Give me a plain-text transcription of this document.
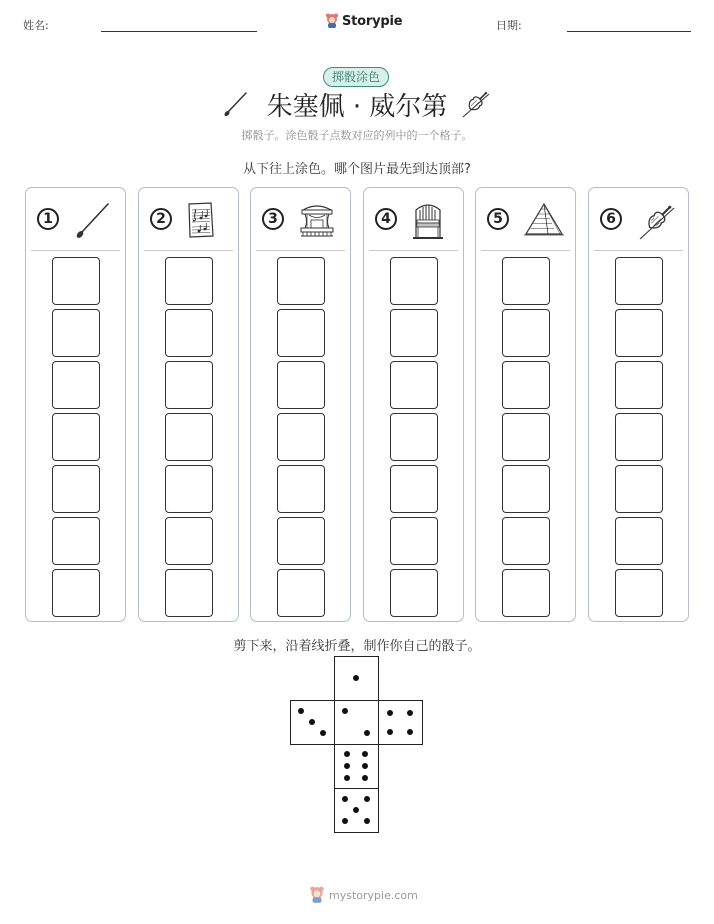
姓名:	Storypie	日期:
掷骰涂色
朱塞佩 · 威尔第
掷骰子。涂色骰子点数对应的列中的一个格子。
从下往上涂色。哪个图片最先到达顶部?
1	2	3	4	5	6
剪下来，沿着线折叠，制作你自己的骰子。
mystorypie.com
